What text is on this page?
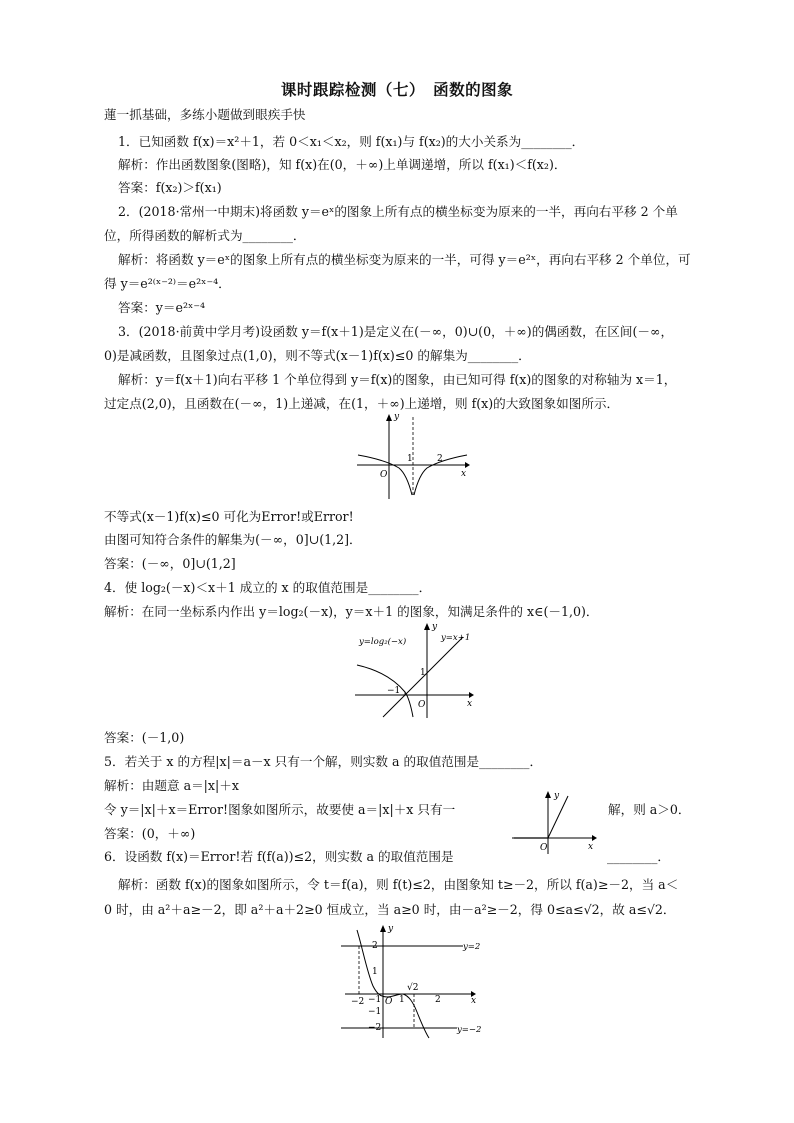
课时跟踪检测（七）　函数的图象
蓮一抓基础，多练小题做到眼疾手快
1．已知函数 f(x)＝x²＋1，若 0＜x₁＜x₂，则 f(x₁)与 f(x₂)的大小关系为________．
解析：作出函数图象(图略)，知 f(x)在(0，＋∞)上单调递增，所以 f(x₁)＜f(x₂)．
答案：f(x₂)＞f(x₁)
2．(2018·常州一中期末)将函数 y＝eˣ的图象上所有点的横坐标变为原来的一半，再向右平移 2 个单
位，所得函数的解析式为________．
解析：将函数 y＝eˣ的图象上所有点的横坐标变为原来的一半，可得 y＝e²ˣ，再向右平移 2 个单位，可
得 y＝e²⁽ˣ⁻²⁾＝e²ˣ⁻⁴．
答案：y＝e²ˣ⁻⁴
3．(2018·前黄中学月考)设函数 y＝f(x＋1)是定义在(－∞，0)∪(0，＋∞)的偶函数，在区间(－∞，
0)是减函数，且图象过点(1,0)，则不等式(x－1)f(x)≤0 的解集为________．
解析：y＝f(x＋1)向右平移 1 个单位得到 y＝f(x)的图象，由已知可得 f(x)的图象的对称轴为 x＝1，
过定点(2,0)，且函数在(－∞，1)上递减，在(1，＋∞)上递增，则 f(x)的大致图象如图所示．
y
x
O
1	2
不等式(x－1)f(x)≤0 可化为Error!或Error!
由图可知符合条件的解集为(－∞，0]∪(1,2]．
答案：(－∞，0]∪(1,2]
4．使 log₂(－x)＜x＋1 成立的 x 的取值范围是________．
解析：在同一坐标系内作出 y＝log₂(－x)，y＝x＋1 的图象，知满足条件的 x∈(－1,0)．
y=log₂(−x)	y=x+1
y
x
O
1
−1
答案：(－1,0)
5．若关于 x 的方程|x|＝a－x 只有一个解，则实数 a 的取值范围是________．
解析：由题意 a＝|x|＋x
令 y＝|x|＋x＝Error!图象如图所示，故要使 a＝|x|＋x 只有一	解，则 a＞0．
答案：(0，＋∞)
y
x
O
6．设函数 f(x)＝Error!若 f(f(a))≤2，则实数 a 的取值范围是	________．
解析：函数 f(x)的图象如图所示，令 t＝f(a)，则 f(t)≤2，由图象知 t≥－2，所以 f(a)≥－2，当 a＜
0 时，由 a²＋a≥－2，即 a²＋a＋2≥0 恒成立，当 a≥0 时，由－a²≥－2，得 0≤a≤√2，故 a≤√2．
y=2
y=−2
y
x
O
2
1
−1
−2
−2 −1 1
√2
2
